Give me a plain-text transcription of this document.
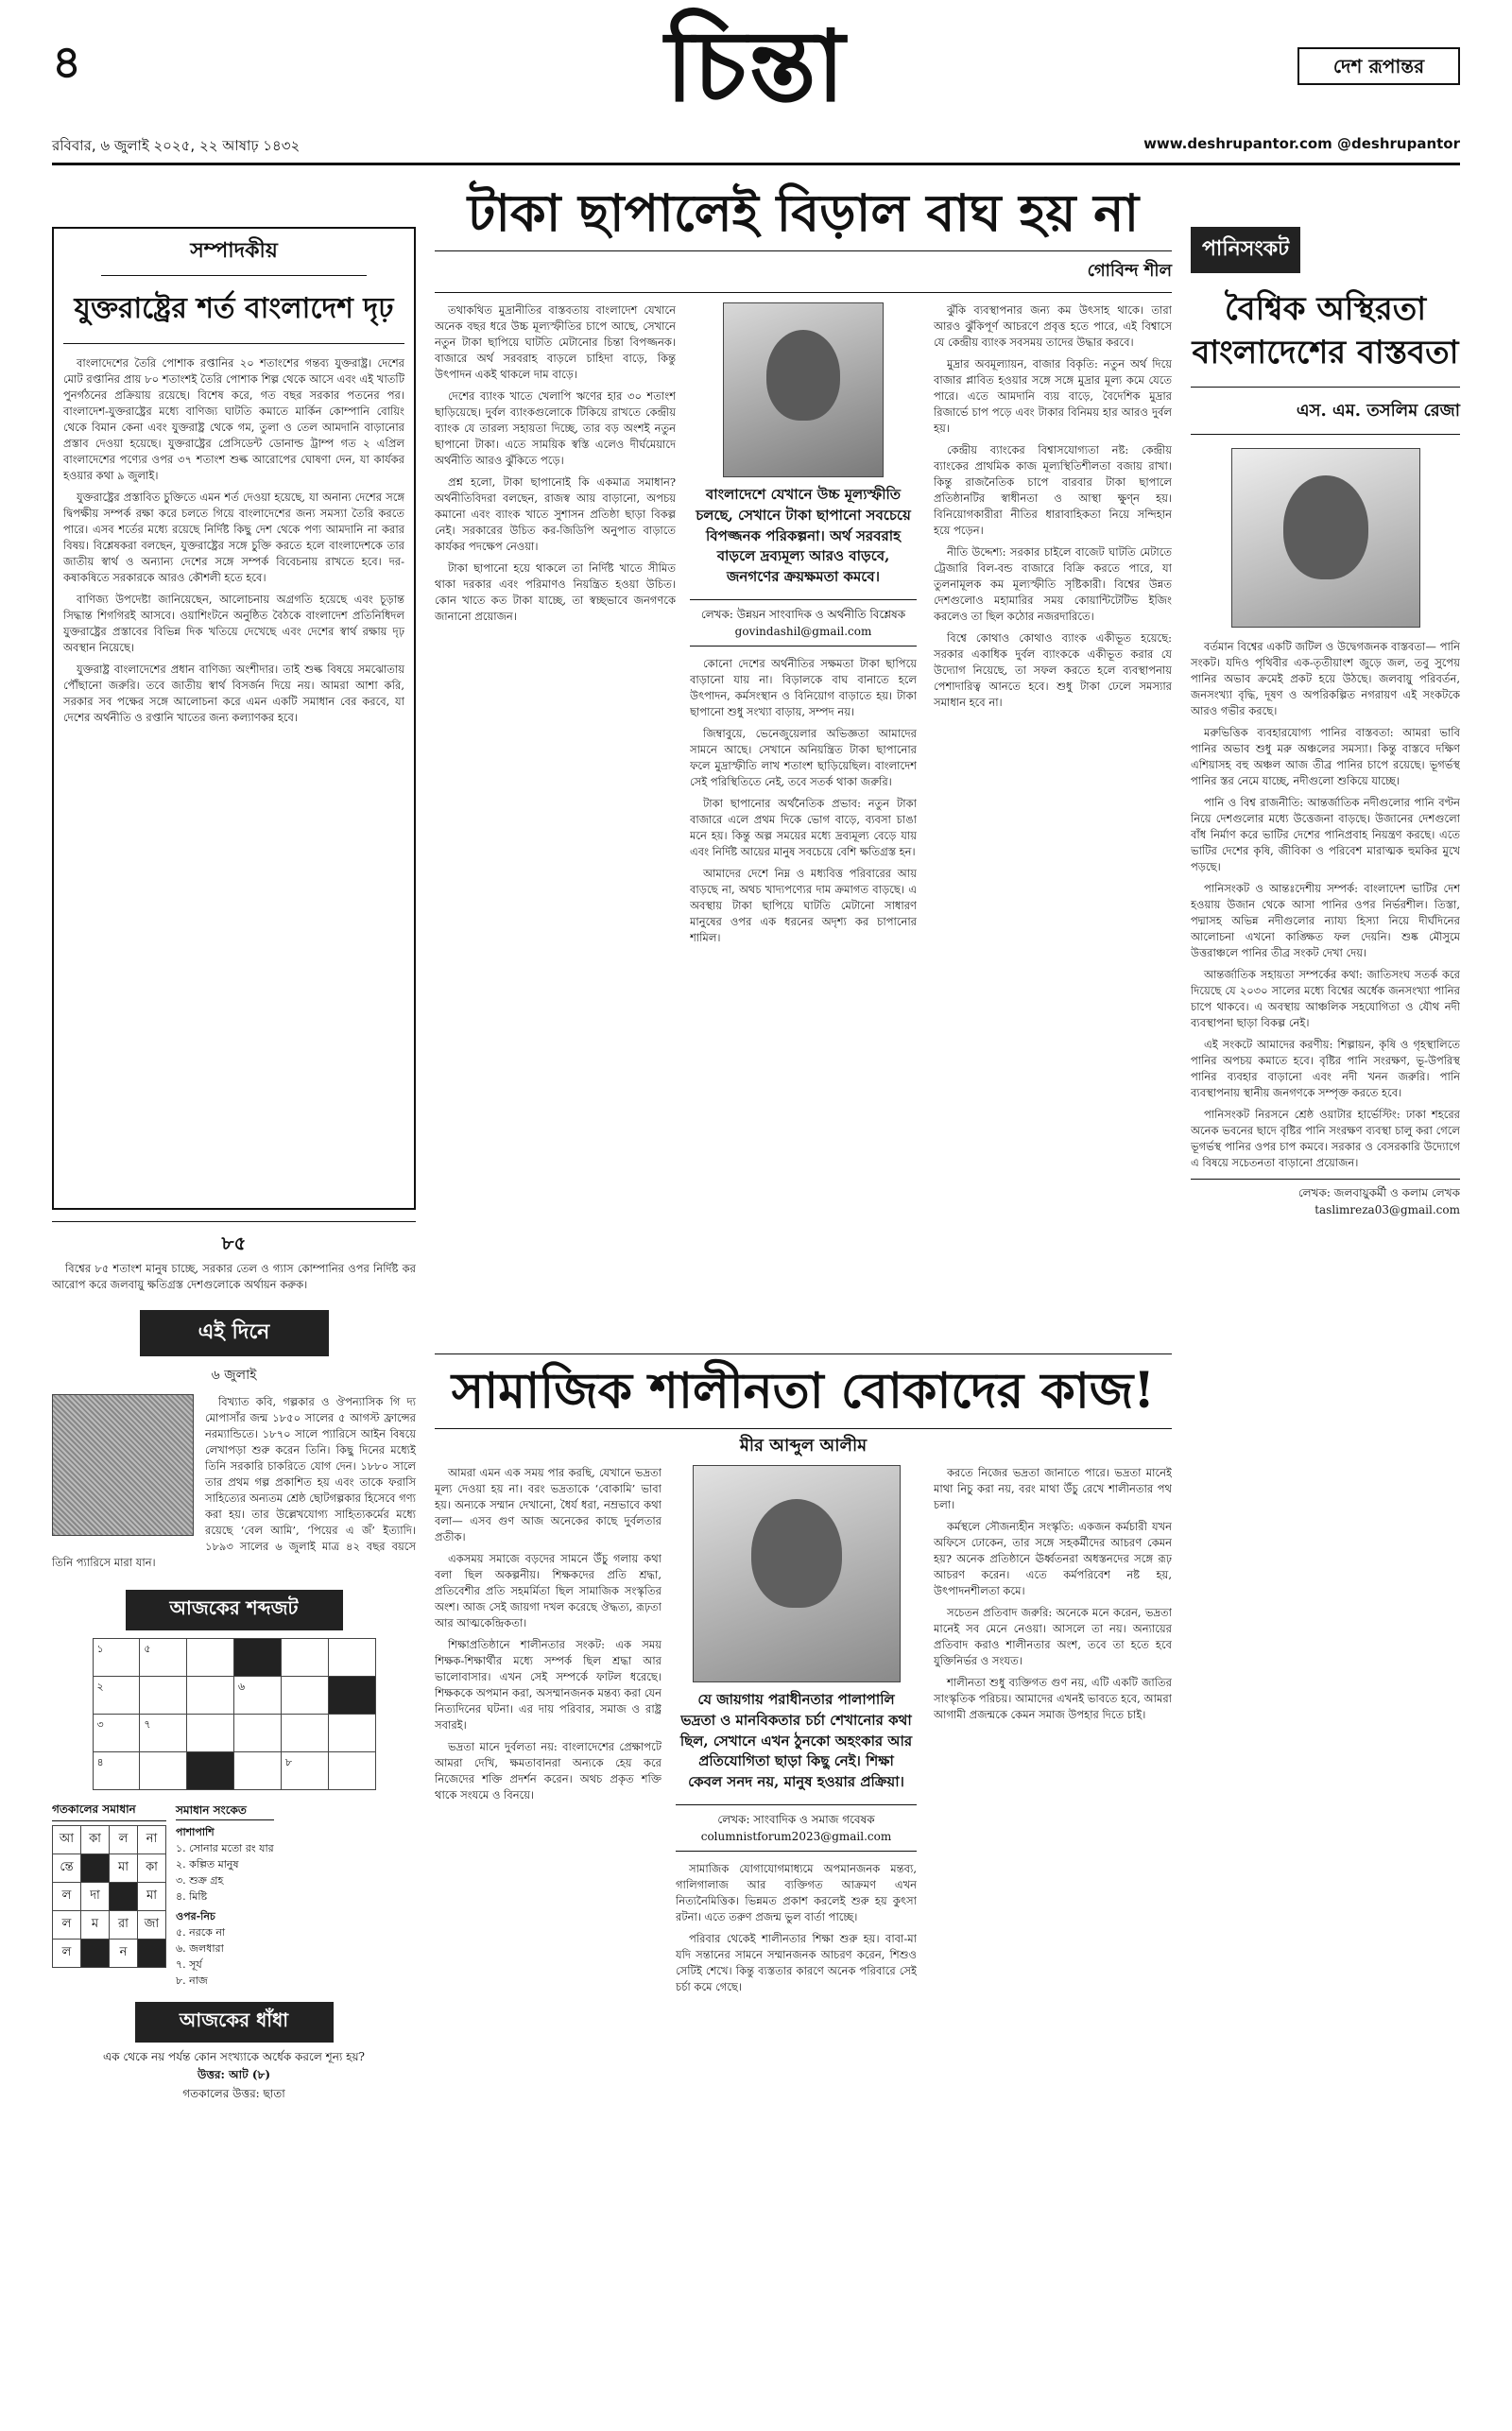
৪	চিন্তা	দেশ রূপান্তর
রবিবার, ৬ জুলাই ২০২৫, ২২ আষাঢ় ১৪৩২	www.deshrupantor.com @deshrupantor
সম্পাদকীয়
যুক্তরাষ্ট্রের শর্ত বাংলাদেশ দৃঢ়

বাংলাদেশের তৈরি পোশাক রপ্তানির ২০ শতাংশের গন্তব্য যুক্তরাষ্ট্র। দেশের মোট রপ্তানির প্রায় ৮০ শতাংশই তৈরি পোশাক শিল্প থেকে আসে এবং এই খাতটি পুনর্গঠনের প্রক্রিয়ায় রয়েছে। বিশেষ করে, গত বছর সরকার পতনের পর। বাংলাদেশ-যুক্তরাষ্ট্রের মধ্যে বাণিজ্য ঘাটতি কমাতে মার্কিন কোম্পানি বোয়িং থেকে বিমান কেনা এবং যুক্তরাষ্ট্র থেকে গম, তুলা ও তেল আমদানি বাড়ানোর প্রস্তাব দেওয়া হয়েছে। যুক্তরাষ্ট্রের প্রেসিডেন্ট ডোনাল্ড ট্রাম্প গত ২ এপ্রিল বাংলাদেশের পণ্যের ওপর ৩৭ শতাংশ শুল্ক আরোপের ঘোষণা দেন, যা কার্যকর হওয়ার কথা ৯ জুলাই।

যুক্তরাষ্ট্রের প্রস্তাবিত চুক্তিতে এমন শর্ত দেওয়া হয়েছে, যা অনান্য দেশের সঙ্গে দ্বিপক্ষীয় সম্পর্ক রক্ষা করে চলতে গিয়ে বাংলাদেশের জন্য সমস্যা তৈরি করতে পারে। এসব শর্তের মধ্যে রয়েছে নির্দিষ্ট কিছু দেশ থেকে পণ্য আমদানি না করার বিষয়। বিশ্লেষকরা বলছেন, যুক্তরাষ্ট্রের সঙ্গে চুক্তি করতে হলে বাংলাদেশকে তার জাতীয় স্বার্থ ও অন্যান্য দেশের সঙ্গে সম্পর্ক বিবেচনায় রাখতে হবে। দর-কষাকষিতে সরকারকে আরও কৌশলী হতে হবে।

বাণিজ্য উপদেষ্টা জানিয়েছেন, আলোচনায় অগ্রগতি হয়েছে এবং চূড়ান্ত সিদ্ধান্ত শিগগিরই আসবে। ওয়াশিংটনে অনুষ্ঠিত বৈঠকে বাংলাদেশ প্রতিনিধিদল যুক্তরাষ্ট্রের প্রস্তাবের বিভিন্ন দিক খতিয়ে দেখেছে এবং দেশের স্বার্থ রক্ষায় দৃঢ় অবস্থান নিয়েছে।

যুক্তরাষ্ট্র বাংলাদেশের প্রধান বাণিজ্য অংশীদার। তাই শুল্ক বিষয়ে সমঝোতায় পৌঁছানো জরুরি। তবে জাতীয় স্বার্থ বিসর্জন দিয়ে নয়। আমরা আশা করি, সরকার সব পক্ষের সঙ্গে আলোচনা করে এমন একটি সমাধান বের করবে, যা দেশের অর্থনীতি ও রপ্তানি খাতের জন্য কল্যাণকর হবে।

৮৫

বিশ্বের ৮৫ শতাংশ মানুষ চাচ্ছে, সরকার তেল ও গ্যাস কোম্পানির ওপর নির্দিষ্ট কর আরোপ করে জলবায়ু ক্ষতিগ্রস্ত দেশগুলোকে অর্থায়ন করুক।

এই দিনে
৬ জুলাই

বিখ্যাত কবি, গল্পকার ও ঔপন্যাসিক গি দ্য মোপাসাঁর জন্ম ১৮৫০ সালের ৫ আগস্ট ফ্রান্সের নরম্যান্ডিতে। ১৮৭০ সালে প্যারিসে আইন বিষয়ে লেখাপড়া শুরু করেন তিনি। কিছু দিনের মধ্যেই তিনি সরকারি চাকরিতে যোগ দেন। ১৮৮০ সালে তার প্রথম গল্প প্রকাশিত হয় এবং তাকে ফরাসি সাহিত্যের অন্যতম শ্রেষ্ঠ ছোটগল্পকার হিসেবে গণ্য করা হয়। তার উল্লেখযোগ্য সাহিত্যকর্মের মধ্যে রয়েছে ‘বেল আমি’, ‘পিয়ের এ জঁ’ ইত্যাদি। ১৮৯৩ সালের ৬ জুলাই মাত্র ৪২ বছর বয়সে তিনি প্যারিসে মারা যান।

আজকের শব্দজট
১	৫				
২			৬		
৩	৭				
৪				৮	
গতকালের সমাধান
আ	কা	ল	না
ন্তে		মা	কা
ল	দা		মা
ল	ম	রা	জা
ল		ন	
সমাধান সংকেত
পাশাপাশি
১. সোনার মতো রং যার
২. কল্পিত মানুষ
৩. শুক্র গ্রহ
৪. মিষ্টি
ওপর-নিচ
৫. নরকে না
৬. জলধারা
৭. সূর্য
৮. নাজ
আজকের ধাঁধা
এক থেকে নয় পর্যন্ত কোন সংখ্যাকে অর্ধেক করলে শূন্য হয়?
উত্তর: আট (৮)
গতকালের উত্তর: ছাতা
টাকা ছাপালেই বিড়াল বাঘ হয় না
গোবিন্দ শীল

তথাকথিত মুদ্রানীতির বাস্তবতায় বাংলাদেশ যেখানে অনেক বছর ধরে উচ্চ মূল্যস্ফীতির চাপে আছে, সেখানে নতুন টাকা ছাপিয়ে ঘাটতি মেটানোর চিন্তা বিপজ্জনক। বাজারে অর্থ সরবরাহ বাড়লে চাহিদা বাড়ে, কিন্তু উৎপাদন একই থাকলে দাম বাড়ে।

দেশের ব্যাংক খাতে খেলাপি ঋণের হার ৩০ শতাংশ ছাড়িয়েছে। দুর্বল ব্যাংকগুলোকে টিকিয়ে রাখতে কেন্দ্রীয় ব্যাংক যে তারল্য সহায়তা দিচ্ছে, তার বড় অংশই নতুন ছাপানো টাকা। এতে সাময়িক স্বস্তি এলেও দীর্ঘমেয়াদে অর্থনীতি আরও ঝুঁকিতে পড়ে।

প্রশ্ন হলো, টাকা ছাপানোই কি একমাত্র সমাধান? অর্থনীতিবিদরা বলছেন, রাজস্ব আয় বাড়ানো, অপচয় কমানো এবং ব্যাংক খাতে সুশাসন প্রতিষ্ঠা ছাড়া বিকল্প নেই। সরকারের উচিত কর-জিডিপি অনুপাত বাড়াতে কার্যকর পদক্ষেপ নেওয়া।

টাকা ছাপানো হয়ে থাকলে তা নির্দিষ্ট খাতে সীমিত থাকা দরকার এবং পরিমাণও নিয়ন্ত্রিত হওয়া উচিত। কোন খাতে কত টাকা যাচ্ছে, তা স্বচ্ছভাবে জনগণকে জানানো প্রয়োজন।

বাংলাদেশে যেখানে উচ্চ মূল্যস্ফীতি চলছে, সেখানে টাকা ছাপানো সবচেয়ে বিপজ্জনক পরিকল্পনা। অর্থ সরবরাহ বাড়লে দ্রব্যমূল্য আরও বাড়বে, জনগণের ক্রয়ক্ষমতা কমবে।
লেখক: উন্নয়ন সাংবাদিক ও অর্থনীতি বিশ্লেষক
govindashil@gmail.com

কোনো দেশের অর্থনীতির সক্ষমতা টাকা ছাপিয়ে বাড়ানো যায় না। বিড়ালকে বাঘ বানাতে হলে উৎপাদন, কর্মসংস্থান ও বিনিয়োগ বাড়াতে হয়। টাকা ছাপানো শুধু সংখ্যা বাড়ায়, সম্পদ নয়।

জিম্বাবুয়ে, ভেনেজুয়েলার অভিজ্ঞতা আমাদের সামনে আছে। সেখানে অনিয়ন্ত্রিত টাকা ছাপানোর ফলে মুদ্রাস্ফীতি লাখ শতাংশ ছাড়িয়েছিল। বাংলাদেশ সেই পরিস্থিতিতে নেই, তবে সতর্ক থাকা জরুরি।

টাকা ছাপানোর অর্থনৈতিক প্রভাব: নতুন টাকা বাজারে এলে প্রথম দিকে ভোগ বাড়ে, ব্যবসা চাঙা মনে হয়। কিন্তু অল্প সময়ের মধ্যে দ্রব্যমূল্য বেড়ে যায় এবং নির্দিষ্ট আয়ের মানুষ সবচেয়ে বেশি ক্ষতিগ্রস্ত হন।

আমাদের দেশে নিম্ন ও মধ্যবিত্ত পরিবারের আয় বাড়ছে না, অথচ খাদ্যপণ্যের দাম ক্রমাগত বাড়ছে। এ অবস্থায় টাকা ছাপিয়ে ঘাটতি মেটানো সাধারণ মানুষের ওপর এক ধরনের অদৃশ্য কর চাপানোর শামিল।

ঝুঁকি ব্যবস্থাপনার জন্য কম উৎসাহ থাকে। তারা আরও ঝুঁকিপূর্ণ আচরণে প্রবৃত্ত হতে পারে, এই বিশ্বাসে যে কেন্দ্রীয় ব্যাংক সবসময় তাদের উদ্ধার করবে।

মুদ্রার অবমূল্যায়ন, বাজার বিকৃতি: নতুন অর্থ দিয়ে বাজার প্লাবিত হওয়ার সঙ্গে সঙ্গে মুদ্রার মূল্য কমে যেতে পারে। এতে আমদানি ব্যয় বাড়ে, বৈদেশিক মুদ্রার রিজার্ভে চাপ পড়ে এবং টাকার বিনিময় হার আরও দুর্বল হয়।

কেন্দ্রীয় ব্যাংকের বিশ্বাসযোগ্যতা নষ্ট: কেন্দ্রীয় ব্যাংকের প্রাথমিক কাজ মূল্যস্থিতিশীলতা বজায় রাখা। কিন্তু রাজনৈতিক চাপে বারবার টাকা ছাপালে প্রতিষ্ঠানটির স্বাধীনতা ও আস্থা ক্ষুণ্ন হয়। বিনিয়োগকারীরা নীতির ধারাবাহিকতা নিয়ে সন্দিহান হয়ে পড়েন।

নীতি উদ্দেশ্য: সরকার চাইলে বাজেট ঘাটতি মেটাতে ট্রেজারি বিল-বন্ড বাজারে বিক্রি করতে পারে, যা তুলনামূলক কম মূল্যস্ফীতি সৃষ্টিকারী। বিশ্বের উন্নত দেশগুলোও মহামারির সময় কোয়ান্টিটেটিভ ইজিং করলেও তা ছিল কঠোর নজরদারিতে।

বিশ্বে কোথাও কোথাও ব্যাংক একীভূত হয়েছে: সরকার একাধিক দুর্বল ব্যাংককে একীভূত করার যে উদ্যোগ নিয়েছে, তা সফল করতে হলে ব্যবস্থাপনায় পেশাদারিত্ব আনতে হবে। শুধু টাকা ঢেলে সমস্যার সমাধান হবে না।

সামাজিক শালীনতা বোকাদের কাজ!
মীর আব্দুল আলীম

আমরা এমন এক সময় পার করছি, যেখানে ভদ্রতা মূল্য দেওয়া হয় না। বরং ভদ্রতাকে ‘বোকামি’ ভাবা হয়। অন্যকে সম্মান দেখানো, ধৈর্য ধরা, নম্রভাবে কথা বলা— এসব গুণ আজ অনেকের কাছে দুর্বলতার প্রতীক।

একসময় সমাজে বড়দের সামনে উঁচু গলায় কথা বলা ছিল অকল্পনীয়। শিক্ষকদের প্রতি শ্রদ্ধা, প্রতিবেশীর প্রতি সহমর্মিতা ছিল সামাজিক সংস্কৃতির অংশ। আজ সেই জায়গা দখল করেছে ঔদ্ধত্য, রূঢ়তা আর আত্মকেন্দ্রিকতা।

শিক্ষাপ্রতিষ্ঠানে শালীনতার সংকট: এক সময় শিক্ষক-শিক্ষার্থীর মধ্যে সম্পর্ক ছিল শ্রদ্ধা আর ভালোবাসার। এখন সেই সম্পর্কে ফাটল ধরেছে। শিক্ষককে অপমান করা, অসম্মানজনক মন্তব্য করা যেন নিত্যদিনের ঘটনা। এর দায় পরিবার, সমাজ ও রাষ্ট্র সবারই।

ভদ্রতা মানে দুর্বলতা নয়: বাংলাদেশের প্রেক্ষাপটে আমরা দেখি, ক্ষমতাবানরা অন্যকে হেয় করে নিজেদের শক্তি প্রদর্শন করেন। অথচ প্রকৃত শক্তি থাকে সংযমে ও বিনয়ে।

যে জায়গায় পরাধীনতার পালাপালি ভদ্রতা ও মানবিকতার চর্চা শেখানোর কথা ছিল, সেখানে এখন ঠুনকো অহংকার আর প্রতিযোগিতা ছাড়া কিছু নেই। শিক্ষা কেবল সনদ নয়, মানুষ হওয়ার প্রক্রিয়া।
লেখক: সাংবাদিক ও সমাজ গবেষক
columnistforum2023@gmail.com

সামাজিক যোগাযোগমাধ্যমে অপমানজনক মন্তব্য, গালিগালাজ আর ব্যক্তিগত আক্রমণ এখন নিত্যনৈমিত্তিক। ভিন্নমত প্রকাশ করলেই শুরু হয় কুৎসা রটনা। এতে তরুণ প্রজন্ম ভুল বার্তা পাচ্ছে।

পরিবার থেকেই শালীনতার শিক্ষা শুরু হয়। বাবা-মা যদি সন্তানের সামনে সম্মানজনক আচরণ করেন, শিশুও সেটিই শেখে। কিন্তু ব্যস্ততার কারণে অনেক পরিবারে সেই চর্চা কমে গেছে।

করতে নিজের ভদ্রতা জানাতে পারে। ভদ্রতা মানেই মাথা নিচু করা নয়, বরং মাথা উঁচু রেখে শালীনতার পথ চলা।

কর্মস্থলে সৌজন্যহীন সংস্কৃতি: একজন কর্মচারী যখন অফিসে ঢোকেন, তার সঙ্গে সহকর্মীদের আচরণ কেমন হয়? অনেক প্রতিষ্ঠানে ঊর্ধ্বতনরা অধস্তনদের সঙ্গে রূঢ় আচরণ করেন। এতে কর্মপরিবেশ নষ্ট হয়, উৎপাদনশীলতা কমে।

সচেতন প্রতিবাদ জরুরি: অনেকে মনে করেন, ভদ্রতা মানেই সব মেনে নেওয়া। আসলে তা নয়। অন্যায়ের প্রতিবাদ করাও শালীনতার অংশ, তবে তা হতে হবে যুক্তিনির্ভর ও সংযত।

শালীনতা শুধু ব্যক্তিগত গুণ নয়, এটি একটি জাতির সাংস্কৃতিক পরিচয়। আমাদের এখনই ভাবতে হবে, আমরা আগামী প্রজন্মকে কেমন সমাজ উপহার দিতে চাই।

পানিসংকট
বৈশ্বিক অস্থিরতা বাংলাদেশের বাস্তবতা
এস. এম. তসলিম রেজা

বর্তমান বিশ্বের একটি জটিল ও উদ্বেগজনক বাস্তবতা— পানি সংকট। যদিও পৃথিবীর এক-তৃতীয়াংশ জুড়ে জল, তবু সুপেয় পানির অভাব ক্রমেই প্রকট হয়ে উঠছে। জলবায়ু পরিবর্তন, জনসংখ্যা বৃদ্ধি, দূষণ ও অপরিকল্পিত নগরায়ণ এই সংকটকে আরও গভীর করছে।

মরুভিত্তিক ব্যবহারযোগ্য পানির বাস্তবতা: আমরা ভাবি পানির অভাব শুধু মরু অঞ্চলের সমস্যা। কিন্তু বাস্তবে দক্ষিণ এশিয়াসহ বহু অঞ্চল আজ তীব্র পানির চাপে রয়েছে। ভূগর্ভস্থ পানির স্তর নেমে যাচ্ছে, নদীগুলো শুকিয়ে যাচ্ছে।

পানি ও বিশ্ব রাজনীতি: আন্তর্জাতিক নদীগুলোর পানি বণ্টন নিয়ে দেশগুলোর মধ্যে উত্তেজনা বাড়ছে। উজানের দেশগুলো বাঁধ নির্মাণ করে ভাটির দেশের পানিপ্রবাহ নিয়ন্ত্রণ করছে। এতে ভাটির দেশের কৃষি, জীবিকা ও পরিবেশ মারাত্মক হুমকির মুখে পড়ছে।

পানিসংকট ও আন্তঃদেশীয় সম্পর্ক: বাংলাদেশ ভাটির দেশ হওয়ায় উজান থেকে আসা পানির ওপর নির্ভরশীল। তিস্তা, পদ্মাসহ অভিন্ন নদীগুলোর ন্যায্য হিস্যা নিয়ে দীর্ঘদিনের আলোচনা এখনো কাঙ্ক্ষিত ফল দেয়নি। শুষ্ক মৌসুমে উত্তরাঞ্চলে পানির তীব্র সংকট দেখা দেয়।

আন্তর্জাতিক সহায়তা সম্পর্কের কথা: জাতিসংঘ সতর্ক করে দিয়েছে যে ২০৩০ সালের মধ্যে বিশ্বের অর্ধেক জনসংখ্যা পানির চাপে থাকবে। এ অবস্থায় আঞ্চলিক সহযোগিতা ও যৌথ নদী ব্যবস্থাপনা ছাড়া বিকল্প নেই।

এই সংকটে আমাদের করণীয়: শিল্পায়ন, কৃষি ও গৃহস্থালিতে পানির অপচয় কমাতে হবে। বৃষ্টির পানি সংরক্ষণ, ভূ-উপরিস্থ পানির ব্যবহার বাড়ানো এবং নদী খনন জরুরি। পানি ব্যবস্থাপনায় স্থানীয় জনগণকে সম্পৃক্ত করতে হবে।

পানিসংকট নিরসনে শ্রেষ্ঠ ওয়াটার হার্ভেস্টিং: ঢাকা শহরের অনেক ভবনের ছাদে বৃষ্টির পানি সংরক্ষণ ব্যবস্থা চালু করা গেলে ভূগর্ভস্থ পানির ওপর চাপ কমবে। সরকার ও বেসরকারি উদ্যোগে এ বিষয়ে সচেতনতা বাড়ানো প্রয়োজন।

লেখক: জলবায়ুকর্মী ও কলাম লেখক
taslimreza03@gmail.com
